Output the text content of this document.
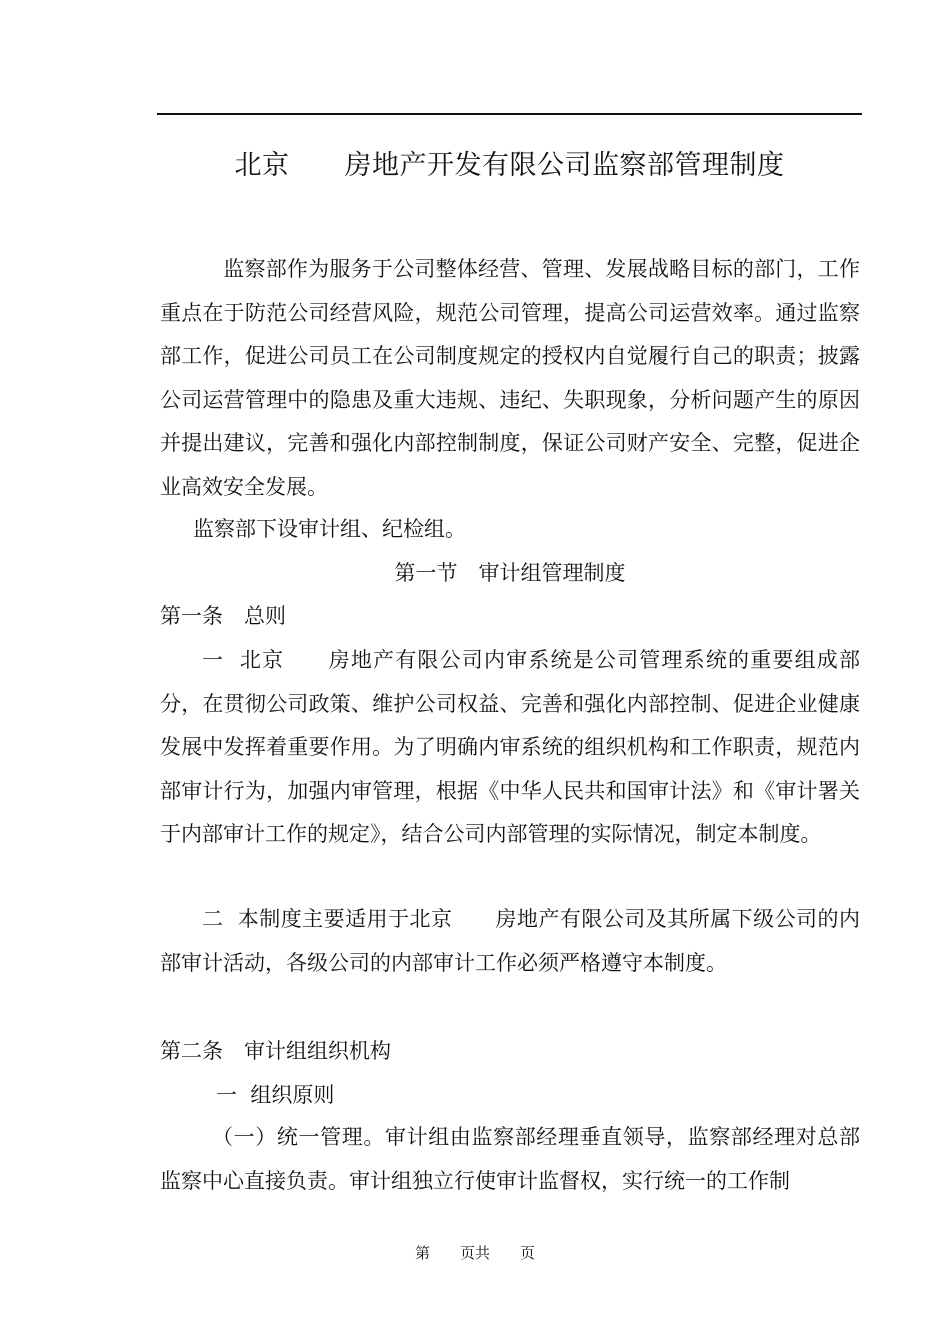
北京　　房地产开发有限公司监察部管理制度

　监察部作为服务于公司整体经营、管理、发展战略目标的部门，工作重点在于防范公司经营风险，规范公司管理，提高公司运营效率。通过监察部工作，促进公司员工在公司制度规定的授权内自觉履行自己的职责；披露公司运营管理中的隐患及重大违规、违纪、失职现象，分析问题产生的原因并提出建议，完善和强化内部控制制度，保证公司财产安全、完整，促进企业高效安全发展。

监察部下设审计组、纪检组。

第一节　审计组管理制度

第一条　总则

一  北京　　房地产有限公司内审系统是公司管理系统的重要组成部分，在贯彻公司政策、维护公司权益、完善和强化内部控制、促进企业健康发展中发挥着重要作用。为了明确内审系统的组织机构和工作职责，规范内部审计行为，加强内审管理，根据《中华人民共和国审计法》和《审计署关于内部审计工作的规定》，结合公司内部管理的实际情况，制定本制度。

二  本制度主要适用于北京　　房地产有限公司及其所属下级公司的内部审计活动，各级公司的内部审计工作必须严格遵守本制度。

第二条　审计组组织机构

一  组织原则

（一）统一管理。审计组由监察部经理垂直领导，监察部经理对总部监察中心直接负责。审计组独立行使审计监督权，实行统一的工作制

第　　页共　　页
